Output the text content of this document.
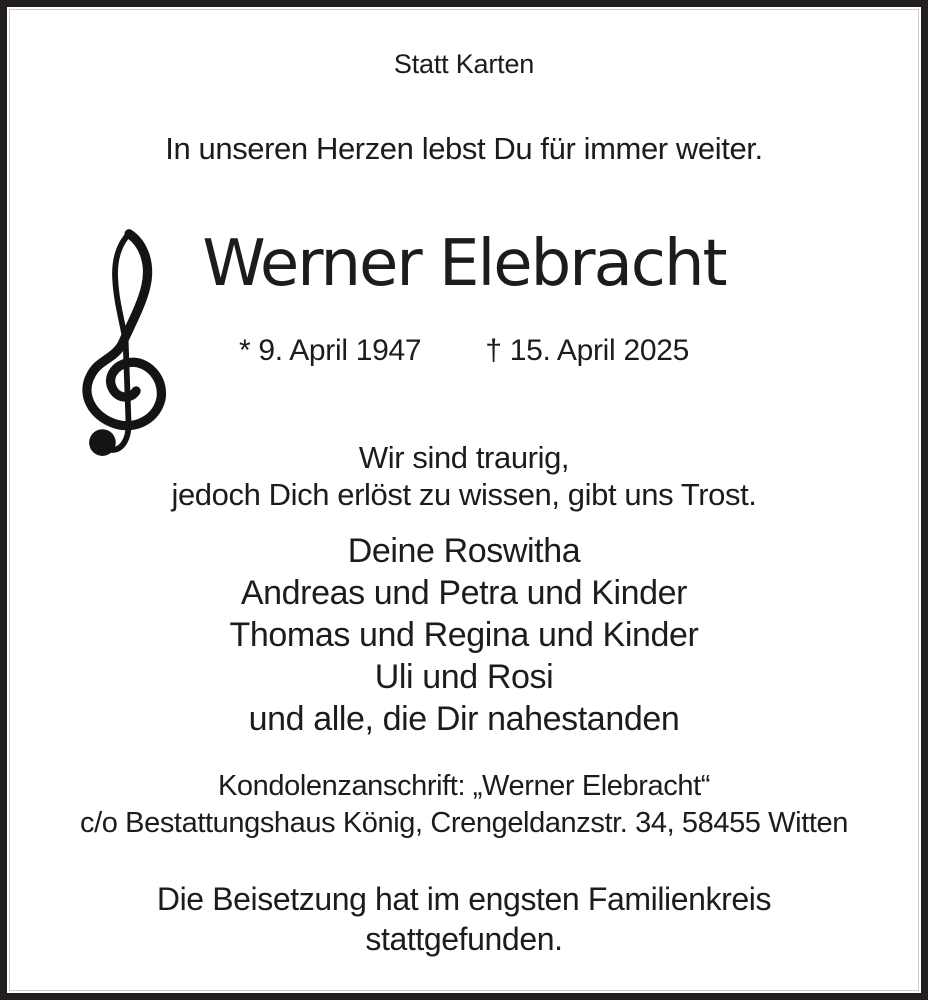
Statt Karten
In unseren Herzen lebst Du für immer weiter.
Werner Elebracht
* 9. April 1947 † 15. April 2025
Wir sind traurig,
jedoch Dich erlöst zu wissen, gibt uns Trost.
Deine Roswitha
Andreas und Petra und Kinder
Thomas und Regina und Kinder
Uli und Rosi
und alle, die Dir nahestanden
Kondolenzanschrift: „Werner Elebracht“
c/o Bestattungshaus König, Crengeldanzstr. 34, 58455 Witten
Die Beisetzung hat im engsten Familienkreis
stattgefunden.
